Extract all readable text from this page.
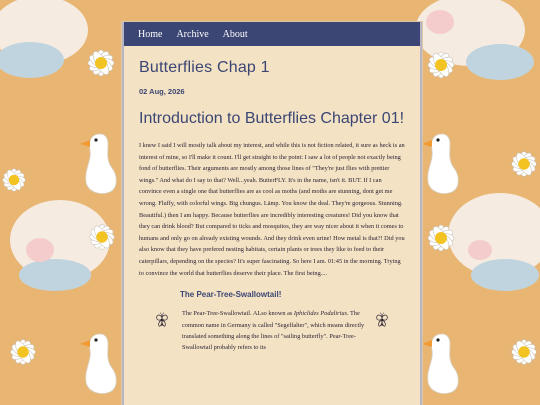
Home Archive About
Butterflies Chap 1
02 Aug, 2026
Introduction to Butterflies Chapter 01!

I knew I said I will mostly talk about my interest, and while this is not fiction related, it sure as heck is an interest of mine, so I'll make it count. I'll get straight to the point: I saw a lot of people not exactly being fond of butterflies. Their arguments are mostly among those lines of "They're just flies with prettier wings." And what do I say to that? Well...yeah. ButterFLY. It's in the name, isn't it. BUT. If I can convince even a single one that butterflies are as cool as moths (and moths are stunning, dont get me wrong. Fluffy, with colorful wings. Big chungus. Lämp. You know the deal. They're gorgeous. Stunning. Beautiful.) then I am happy. Because butterflies are incredibly interesting creatures! Did you know that they can drink blood? But compared to ticks and mosquitos, they are way nicer about it when it comes to humans and only go on already existing wounds. And they drink even urine! How metal is that?! Did you also know that they have prefered nesting habitats, certain plants or trees they like to feed to their caterpillars, depending on the species? It's super fascinating. So here I am. 01:45 in the morning. Trying to convince the world that butterflies deserve their place. The first being....

The Pear-Tree-Swallowtail!

The Pear-Tree-Swallowtail. ALso known as Iphiclides Podalirius. The common name in Germany is called "Segelfalter", which means directly translated something along the lines of "sailing butterfly". Pear-Tree-Swallowtail probably refers to its
